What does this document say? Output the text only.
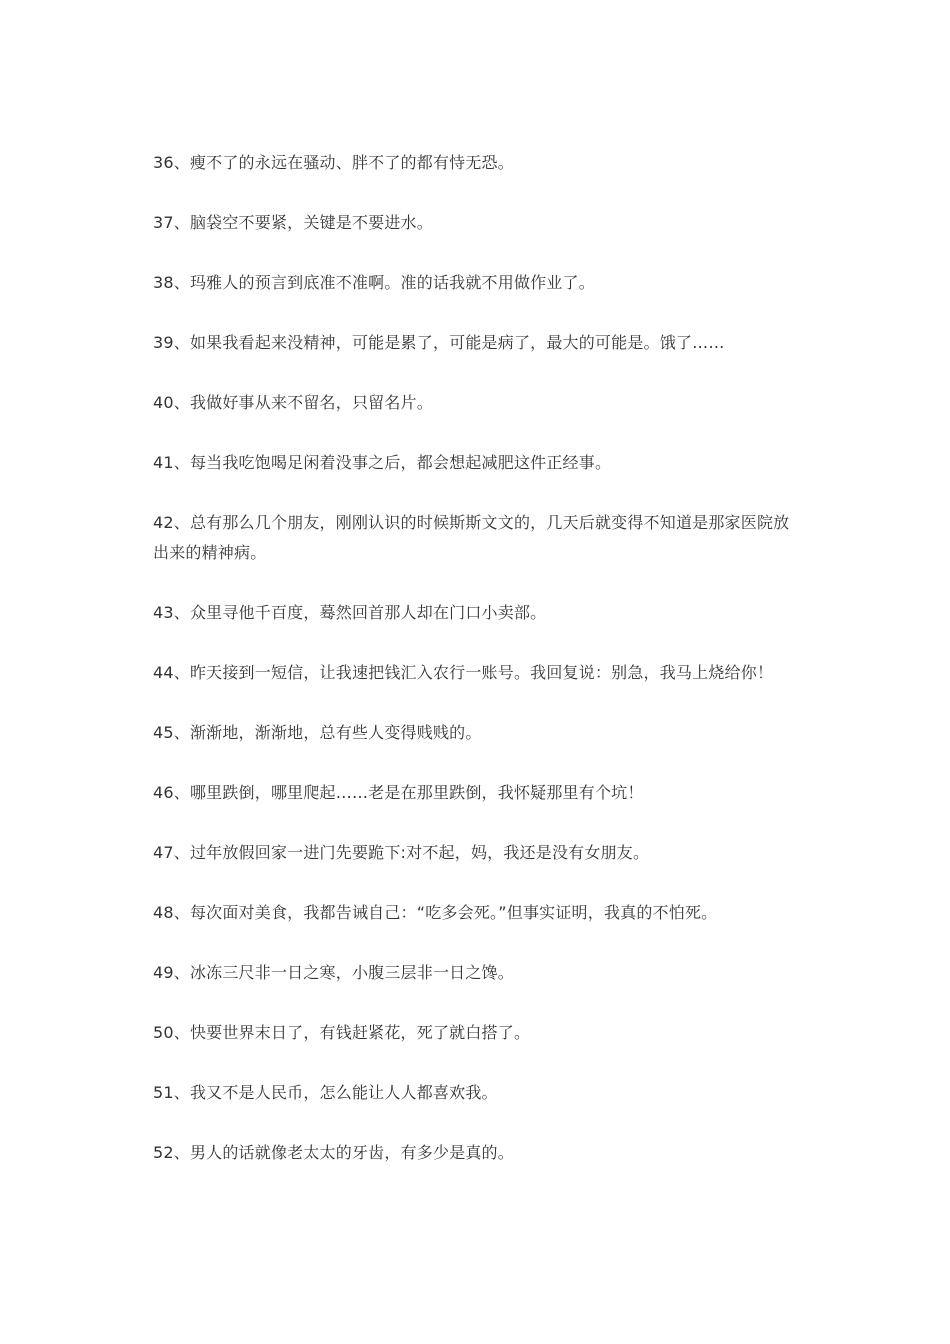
36、瘦不了的永远在骚动、胖不了的都有恃无恐。

37、脑袋空不要紧，关键是不要进水。

38、玛雅人的预言到底准不准啊。准的话我就不用做作业了。

39、如果我看起来没精神，可能是累了，可能是病了，最大的可能是。饿了……

40、我做好事从来不留名，只留名片。

41、每当我吃饱喝足闲着没事之后，都会想起减肥这件正经事。

42、总有那么几个朋友，刚刚认识的时候斯斯文文的，几天后就变得不知道是那家医院放出来的精神病。

43、众里寻他千百度，蓦然回首那人却在门口小卖部。

44、昨天接到一短信，让我速把钱汇入农行一账号。我回复说：别急，我马上烧给你！

45、渐渐地，渐渐地，总有些人变得贱贱的。

46、哪里跌倒，哪里爬起……老是在那里跌倒，我怀疑那里有个坑！

47、过年放假回家一进门先要跪下:对不起，妈，我还是没有女朋友。

48、每次面对美食，我都告诫自己：“吃多会死。”但事实证明，我真的不怕死。

49、冰冻三尺非一日之寒，小腹三层非一日之馋。

50、快要世界末日了，有钱赶紧花，死了就白搭了。

51、我又不是人民币，怎么能让人人都喜欢我。

52、男人的话就像老太太的牙齿，有多少是真的。
